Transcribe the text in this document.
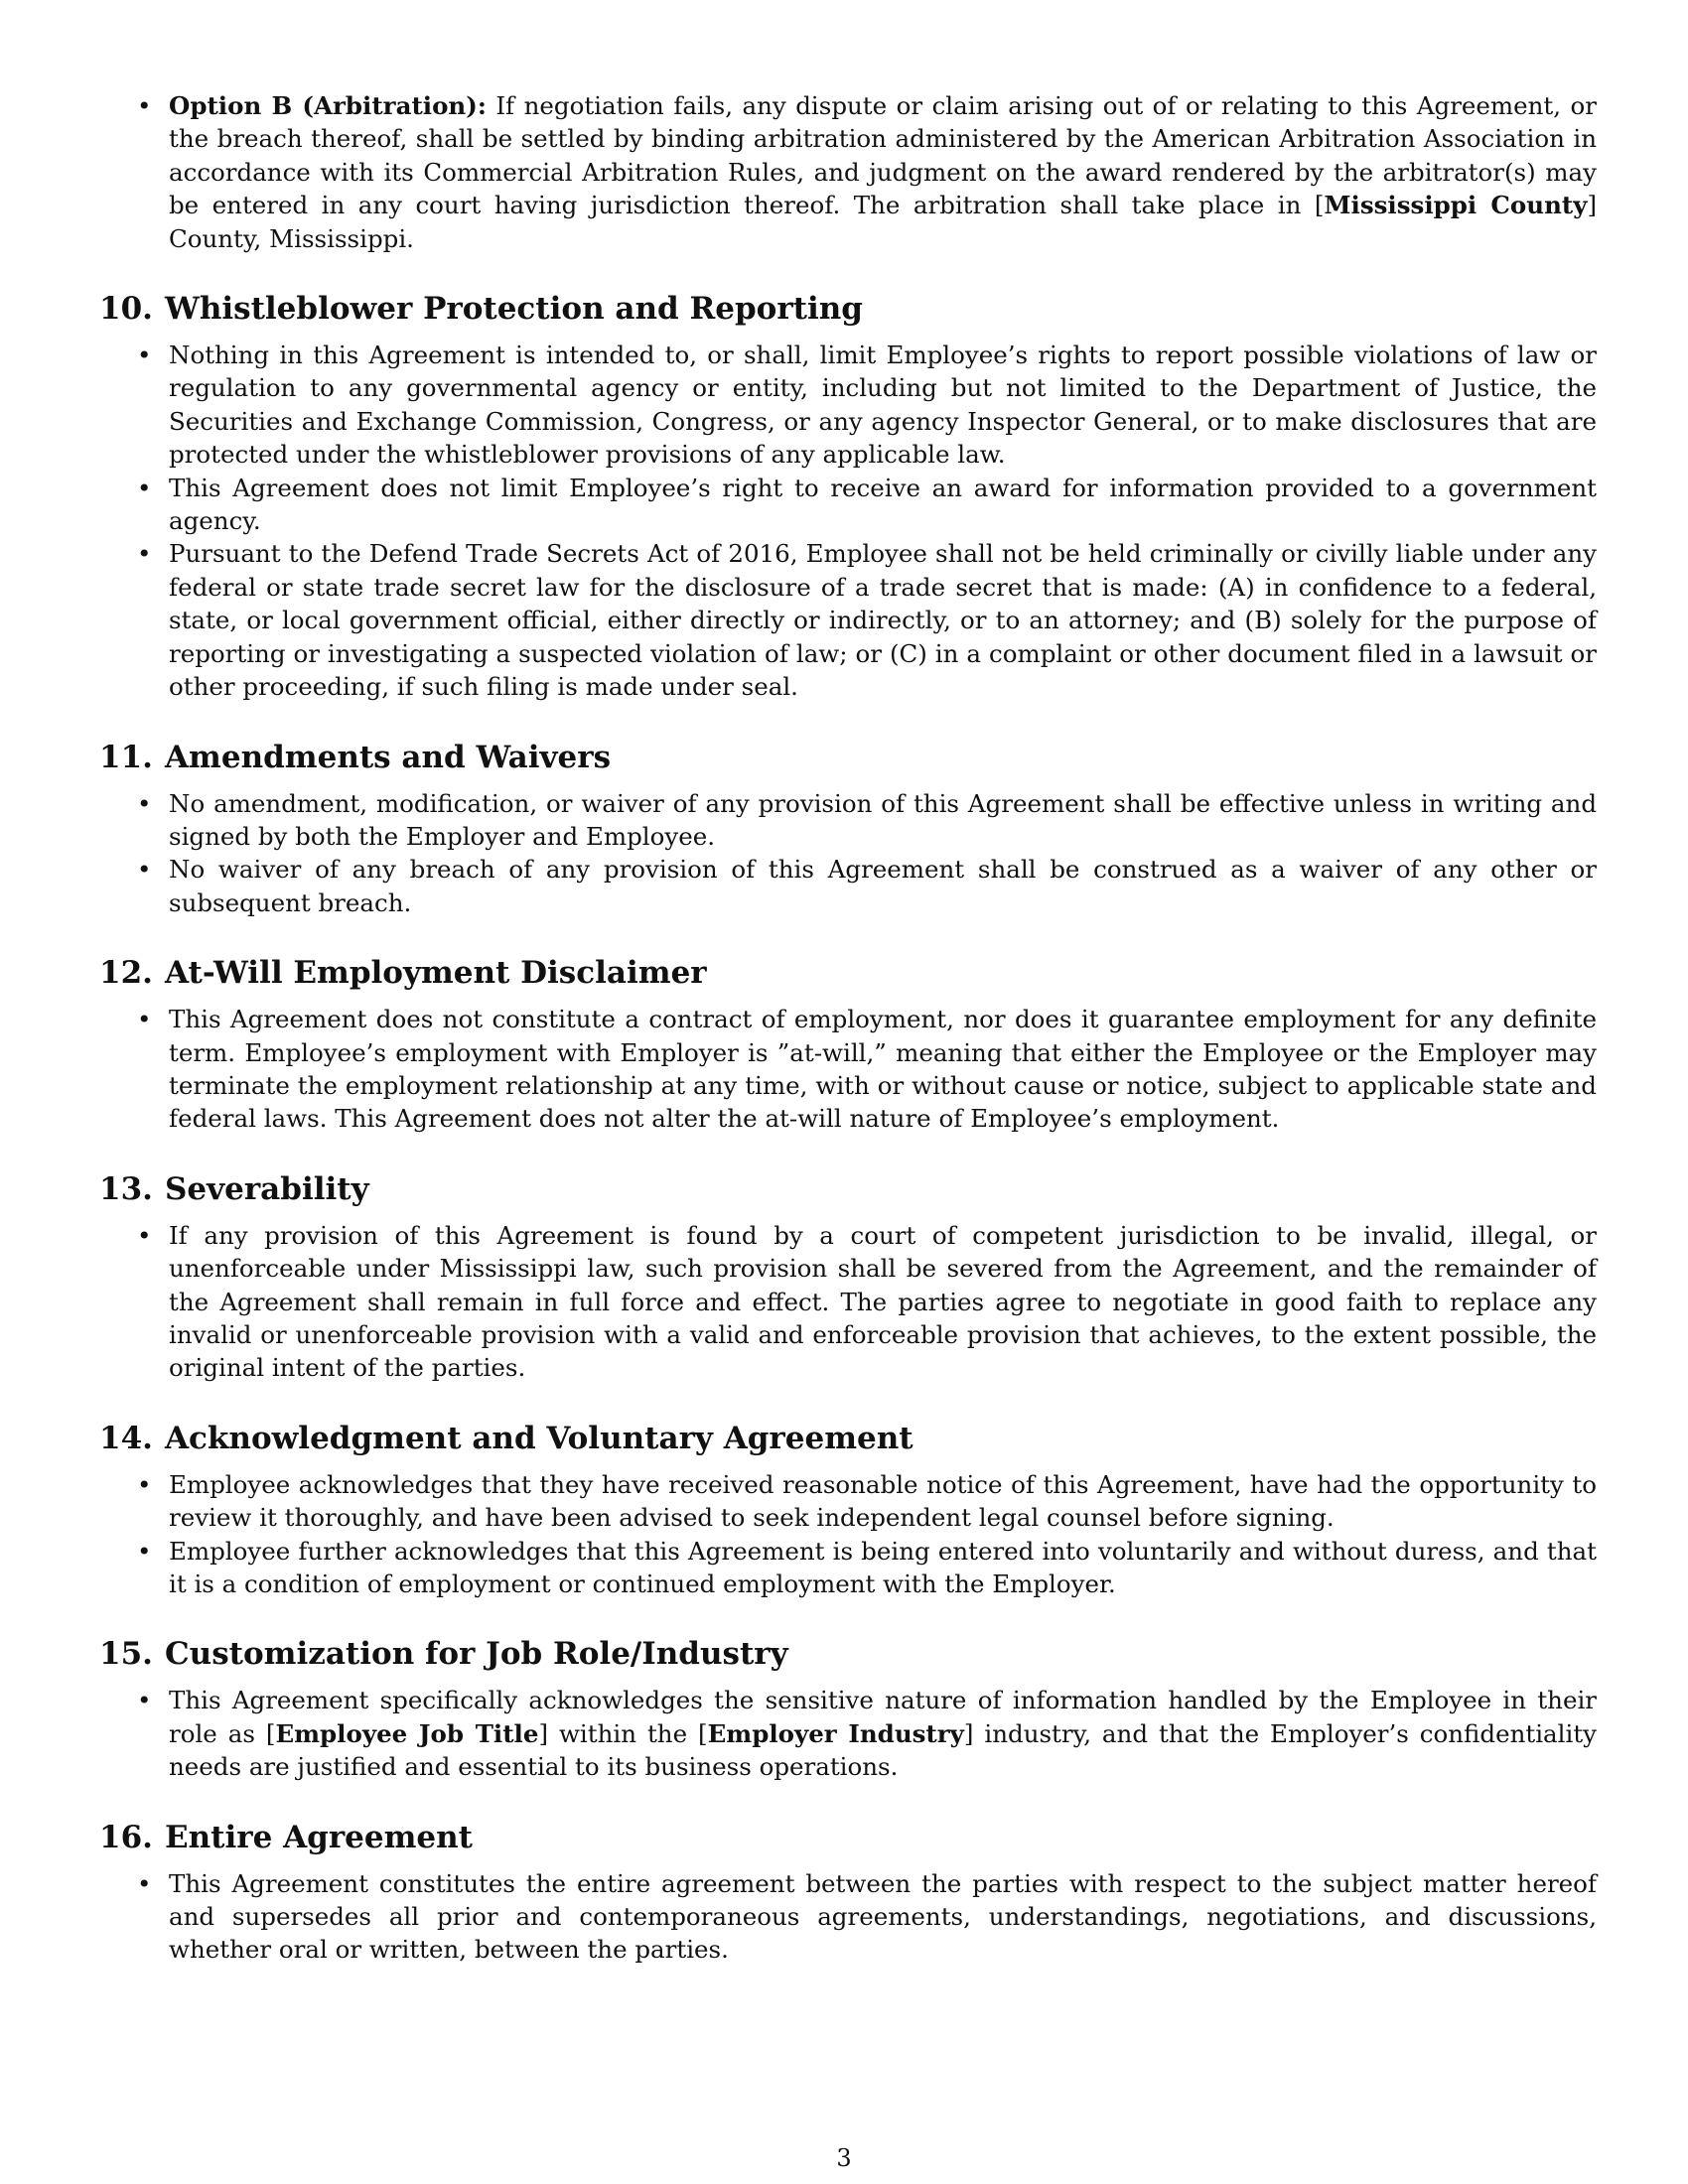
• Option B (Arbitration): If negotiation fails, any dispute or claim arising out of or relating to this Agreement, or the breach thereof, shall be settled by binding arbitration administered by the American Arbitration Association in accordance with its Commercial Arbitration Rules, and judgment on the award rendered by the arbitrator(s) may be entered in any court having jurisdiction thereof. The arbitration shall take place in [Mississippi County] County, Mississippi.
10. Whistleblower Protection and Reporting
• Nothing in this Agreement is intended to, or shall, limit Employee’s rights to report possible violations of law or regulation to any governmental agency or entity, including but not limited to the Department of Justice, the Securities and Exchange Commission, Congress, or any agency Inspector General, or to make disclosures that are protected under the whistleblower provisions of any applicable law.
• This Agreement does not limit Employee’s right to receive an award for information provided to a government agency.
• Pursuant to the Defend Trade Secrets Act of 2016, Employee shall not be held criminally or civilly liable under any federal or state trade secret law for the disclosure of a trade secret that is made: (A) in confidence to a federal, state, or local government official, either directly or indirectly, or to an attorney; and (B) solely for the purpose of reporting or investigating a suspected violation of law; or (C) in a complaint or other document filed in a lawsuit or other proceeding, if such filing is made under seal.
11. Amendments and Waivers
• No amendment, modification, or waiver of any provision of this Agreement shall be effective unless in writing and signed by both the Employer and Employee.
• No waiver of any breach of any provision of this Agreement shall be construed as a waiver of any other or subsequent breach.
12. At-Will Employment Disclaimer
• This Agreement does not constitute a contract of employment, nor does it guarantee employment for any definite term. Employee’s employment with Employer is ”at-will,” meaning that either the Employee or the Employer may terminate the employment relationship at any time, with or without cause or notice, subject to applicable state and federal laws. This Agreement does not alter the at-will nature of Employee’s employment.
13. Severability
• If any provision of this Agreement is found by a court of competent jurisdiction to be invalid, illegal, or unenforceable under Mississippi law, such provision shall be severed from the Agreement, and the remainder of the Agreement shall remain in full force and effect. The parties agree to negotiate in good faith to replace any invalid or unenforceable provision with a valid and enforceable provision that achieves, to the extent possible, the original intent of the parties.
14. Acknowledgment and Voluntary Agreement
• Employee acknowledges that they have received reasonable notice of this Agreement, have had the opportunity to review it thoroughly, and have been advised to seek independent legal counsel before signing.
• Employee further acknowledges that this Agreement is being entered into voluntarily and without duress, and that it is a condition of employment or continued employment with the Employer.
15. Customization for Job Role/Industry
• This Agreement specifically acknowledges the sensitive nature of information handled by the Employee in their role as [Employee Job Title] within the [Employer Industry] industry, and that the Employer’s confidentiality needs are justified and essential to its business operations.
16. Entire Agreement
• This Agreement constitutes the entire agreement between the parties with respect to the subject matter hereof and supersedes all prior and contemporaneous agreements, understandings, negotiations, and discussions, whether oral or written, between the parties.
3
